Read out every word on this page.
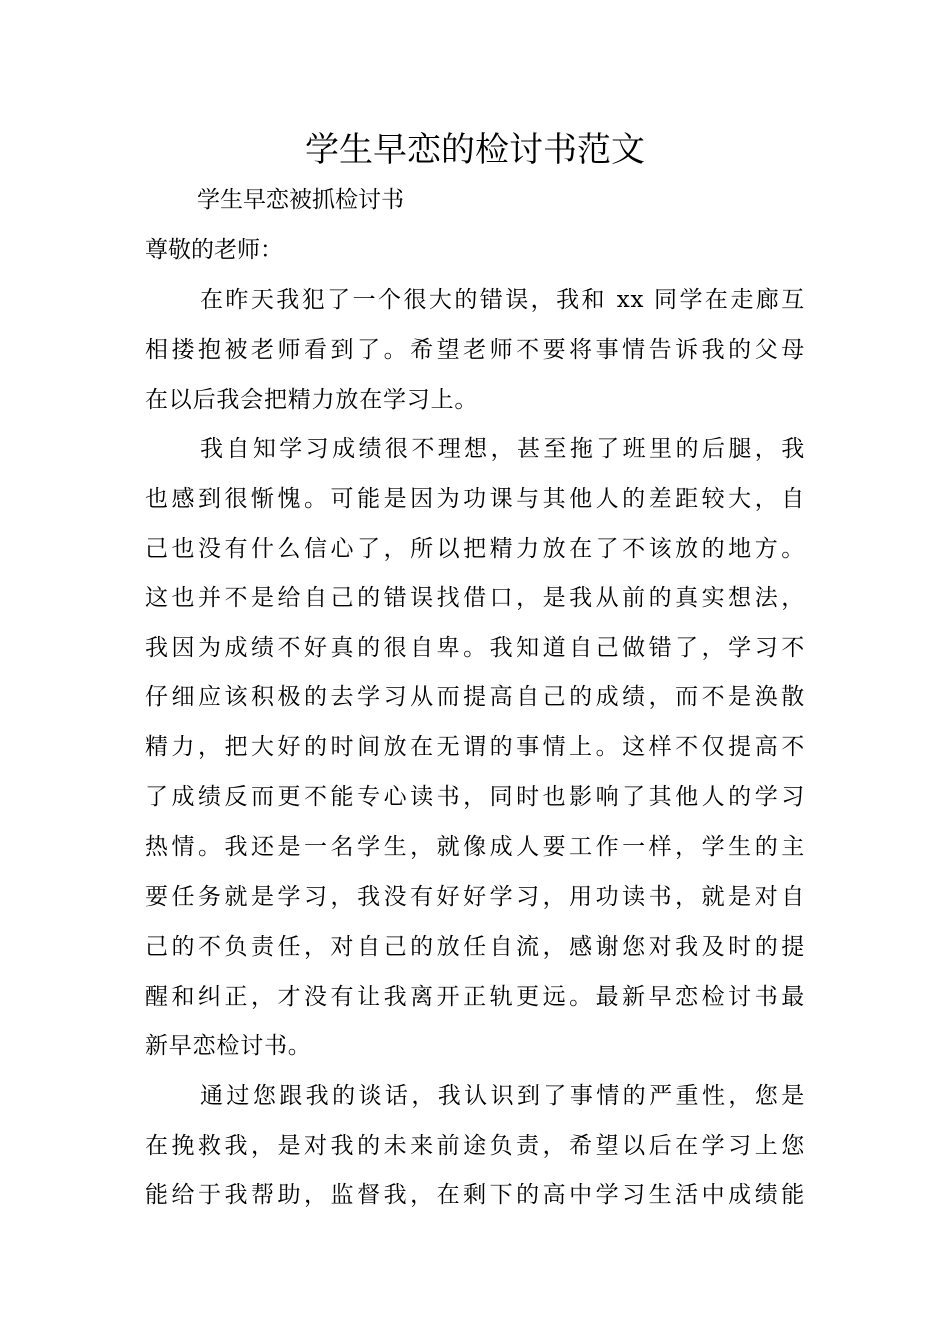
学生早恋的检讨书范文
学生早恋被抓检讨书
尊敬的老师：
在昨天我犯了一个很大的错误，我和 xx 同学在走廊互
相搂抱被老师看到了。希望老师不要将事情告诉我的父母
在以后我会把精力放在学习上。
我自知学习成绩很不理想，甚至拖了班里的后腿，我
也感到很惭愧。可能是因为功课与其他人的差距较大，自
己也没有什么信心了，所以把精力放在了不该放的地方。
这也并不是给自己的错误找借口，是我从前的真实想法，
我因为成绩不好真的很自卑。我知道自己做错了，学习不
仔细应该积极的去学习从而提高自己的成绩，而不是涣散
精力，把大好的时间放在无谓的事情上。这样不仅提高不
了成绩反而更不能专心读书，同时也影响了其他人的学习
热情。我还是一名学生，就像成人要工作一样，学生的主
要任务就是学习，我没有好好学习，用功读书，就是对自
己的不负责任，对自己的放任自流，感谢您对我及时的提
醒和纠正，才没有让我离开正轨更远。最新早恋检讨书最
新早恋检讨书。
通过您跟我的谈话，我认识到了事情的严重性，您是
在挽救我，是对我的未来前途负责，希望以后在学习上您
能给于我帮助，监督我，在剩下的高中学习生活中成绩能
